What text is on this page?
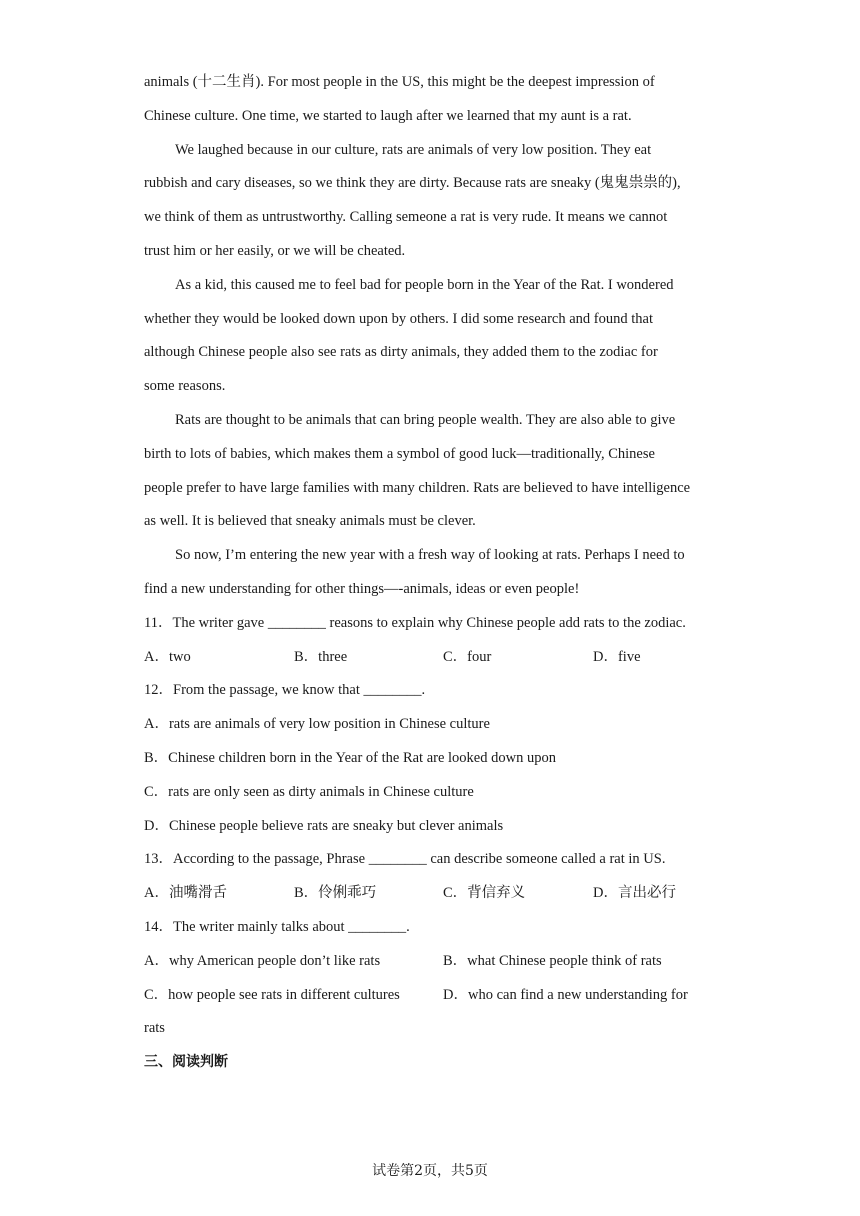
animals (十二生肖). For most people in the US, this might be the deepest impression of
Chinese culture. One time, we started to laugh after we learned that my aunt is a rat.
We laughed because in our culture, rats are animals of very low position. They eat
rubbish and cary diseases, so we think they are dirty. Because rats are sneaky (鬼鬼祟祟的),
we think of them as untrustworthy. Calling semeone a rat is very rude. It means we cannot
trust him or her easily, or we will be cheated.
As a kid, this caused me to feel bad for people born in the Year of the Rat. I wondered
whether they would be looked down upon by others. I did some research and found that
although Chinese people also see rats as dirty animals, they added them to the zodiac for
some reasons.
Rats are thought to be animals that can bring people wealth. They are also able to give
birth to lots of babies, which makes them a symbol of good luck—traditionally, Chinese
people prefer to have large families with many children. Rats are believed to have intelligence
as well. It is believed that sneaky animals must be clever.
So now, I’m entering the new year with a fresh way of looking at rats. Perhaps I need to
find a new understanding for other things—-animals, ideas or even people!
11．The writer gave ________ reasons to explain why Chinese people add rats to the zodiac.
A．two	B．three	C．four	D．five
12．From the passage, we know that ________.
A．rats are animals of very low position in Chinese culture
B．Chinese children born in the Year of the Rat are looked down upon
C．rats are only seen as dirty animals in Chinese culture
D．Chinese people believe rats are sneaky but clever animals
13．According to the passage, Phrase ________ can describe someone called a rat in US.
A．油嘴滑舌	B．伶俐乖巧	C．背信弃义	D．言出必行
14．The writer mainly talks about ________.
A．why American people don’t like rats	B．what Chinese people think of rats
C．how people see rats in different cultures	D．who can find a new understanding for
rats
三、阅读判断
试卷第2页，共5页
